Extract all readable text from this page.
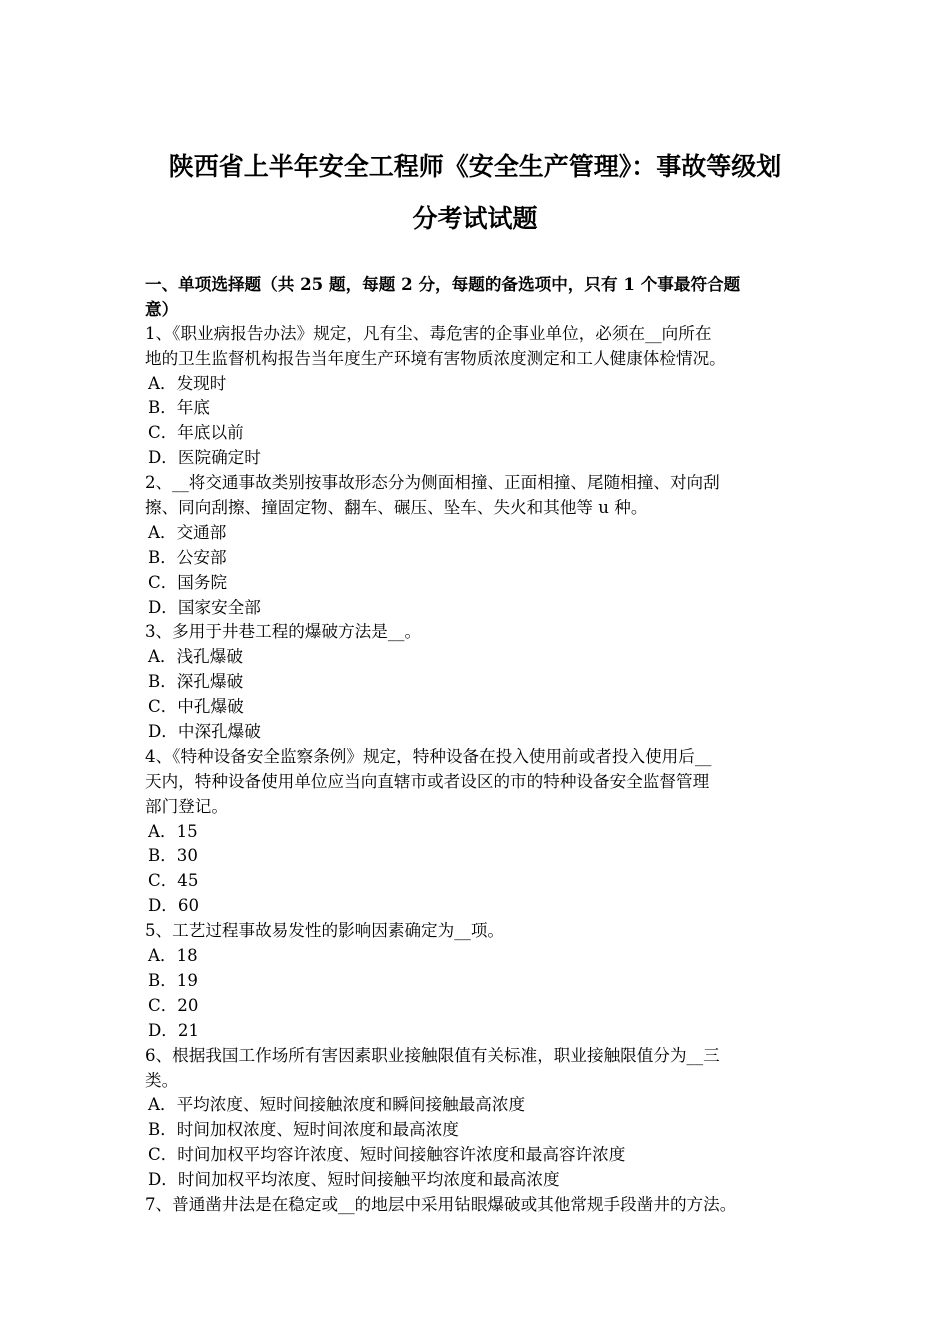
陕西省上半年安全工程师《安全生产管理》：事故等级划
分考试试题
一、单项选择题（共 25 题，每题 2 分，每题的备选项中，只有 1 个事最符合题
意）
1、《职业病报告办法》规定，凡有尘、毒危害的企事业单位，必须在__向所在
地的卫生监督机构报告当年度生产环境有害物质浓度测定和工人健康体检情况。
A．发现时
B．年底
C．年底以前
D．医院确定时
2、__将交通事故类别按事故形态分为侧面相撞、正面相撞、尾随相撞、对向刮
擦、同向刮擦、撞固定物、翻车、碾压、坠车、失火和其他等 u 种。
A．交通部
B．公安部
C．国务院
D．国家安全部
3、多用于井巷工程的爆破方法是__。
A．浅孔爆破
B．深孔爆破
C．中孔爆破
D．中深孔爆破
4、《特种设备安全监察条例》规定，特种设备在投入使用前或者投入使用后__
天内，特种设备使用单位应当向直辖市或者设区的市的特种设备安全监督管理
部门登记。
A．15
B．30
C．45
D．60
5、工艺过程事故易发性的影响因素确定为__项。
A．18
B．19
C．20
D．21
6、根据我国工作场所有害因素职业接触限值有关标准，职业接触限值分为__三
类。
A．平均浓度、短时间接触浓度和瞬间接触最高浓度
B．时间加权浓度、短时间浓度和最高浓度
C．时间加权平均容许浓度、短时间接触容许浓度和最高容许浓度
D．时间加权平均浓度、短时间接触平均浓度和最高浓度
7、普通凿井法是在稳定或__的地层中采用钻眼爆破或其他常规手段凿井的方法。
